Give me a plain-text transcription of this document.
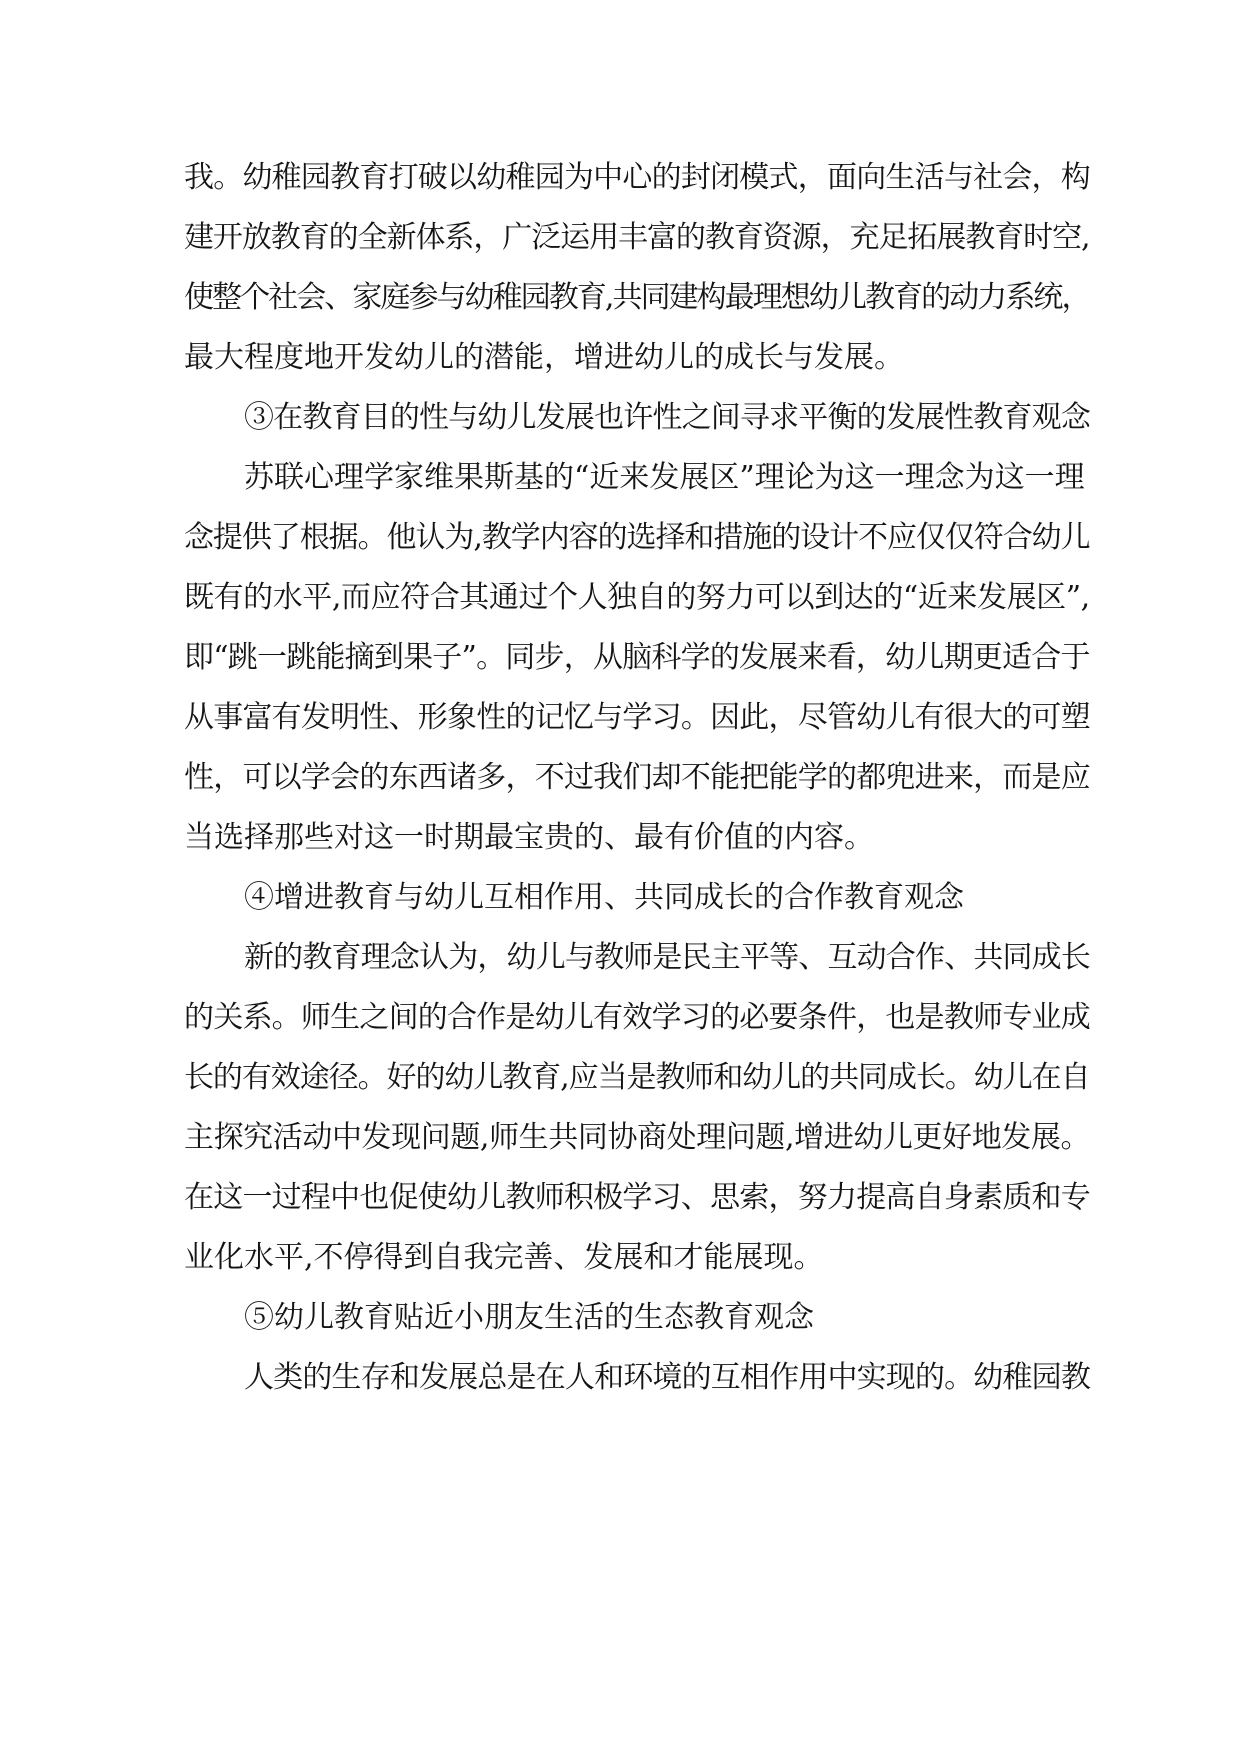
我。幼稚园教育打破以幼稚园为中心的封闭模式，面向生活与社会，构
建开放教育的全新体系，广泛运用丰富的教育资源，充足拓展教育时空,
使整个社会、家庭参与幼稚园教育,共同建构最理想幼儿教育的动力系统，
最大程度地开发幼儿的潜能，增进幼儿的成长与发展。
③在教育目的性与幼儿发展也许性之间寻求平衡的发展性教育观念
苏联心理学家维果斯基的“近来发展区”理论为这一理念为这一理
念提供了根据。他认为,教学内容的选择和措施的设计不应仅仅符合幼儿
既有的水平,而应符合其通过个人独自的努力可以到达的“近来发展区”,
即“跳一跳能摘到果子”。同步，从脑科学的发展来看，幼儿期更适合于
从事富有发明性、形象性的记忆与学习。因此，尽管幼儿有很大的可塑
性，可以学会的东西诸多，不过我们却不能把能学的都兜进来，而是应
当选择那些对这一时期最宝贵的、最有价值的内容。
④增进教育与幼儿互相作用、共同成长的合作教育观念
新的教育理念认为，幼儿与教师是民主平等、互动合作、共同成长
的关系。师生之间的合作是幼儿有效学习的必要条件，也是教师专业成
长的有效途径。好的幼儿教育,应当是教师和幼儿的共同成长。幼儿在自
主探究活动中发现问题,师生共同协商处理问题,增进幼儿更好地发展。
在这一过程中也促使幼儿教师积极学习、思索，努力提高自身素质和专
业化水平,不停得到自我完善、发展和才能展现。
⑤幼儿教育贴近小朋友生活的生态教育观念
人类的生存和发展总是在人和环境的互相作用中实现的。幼稚园教
